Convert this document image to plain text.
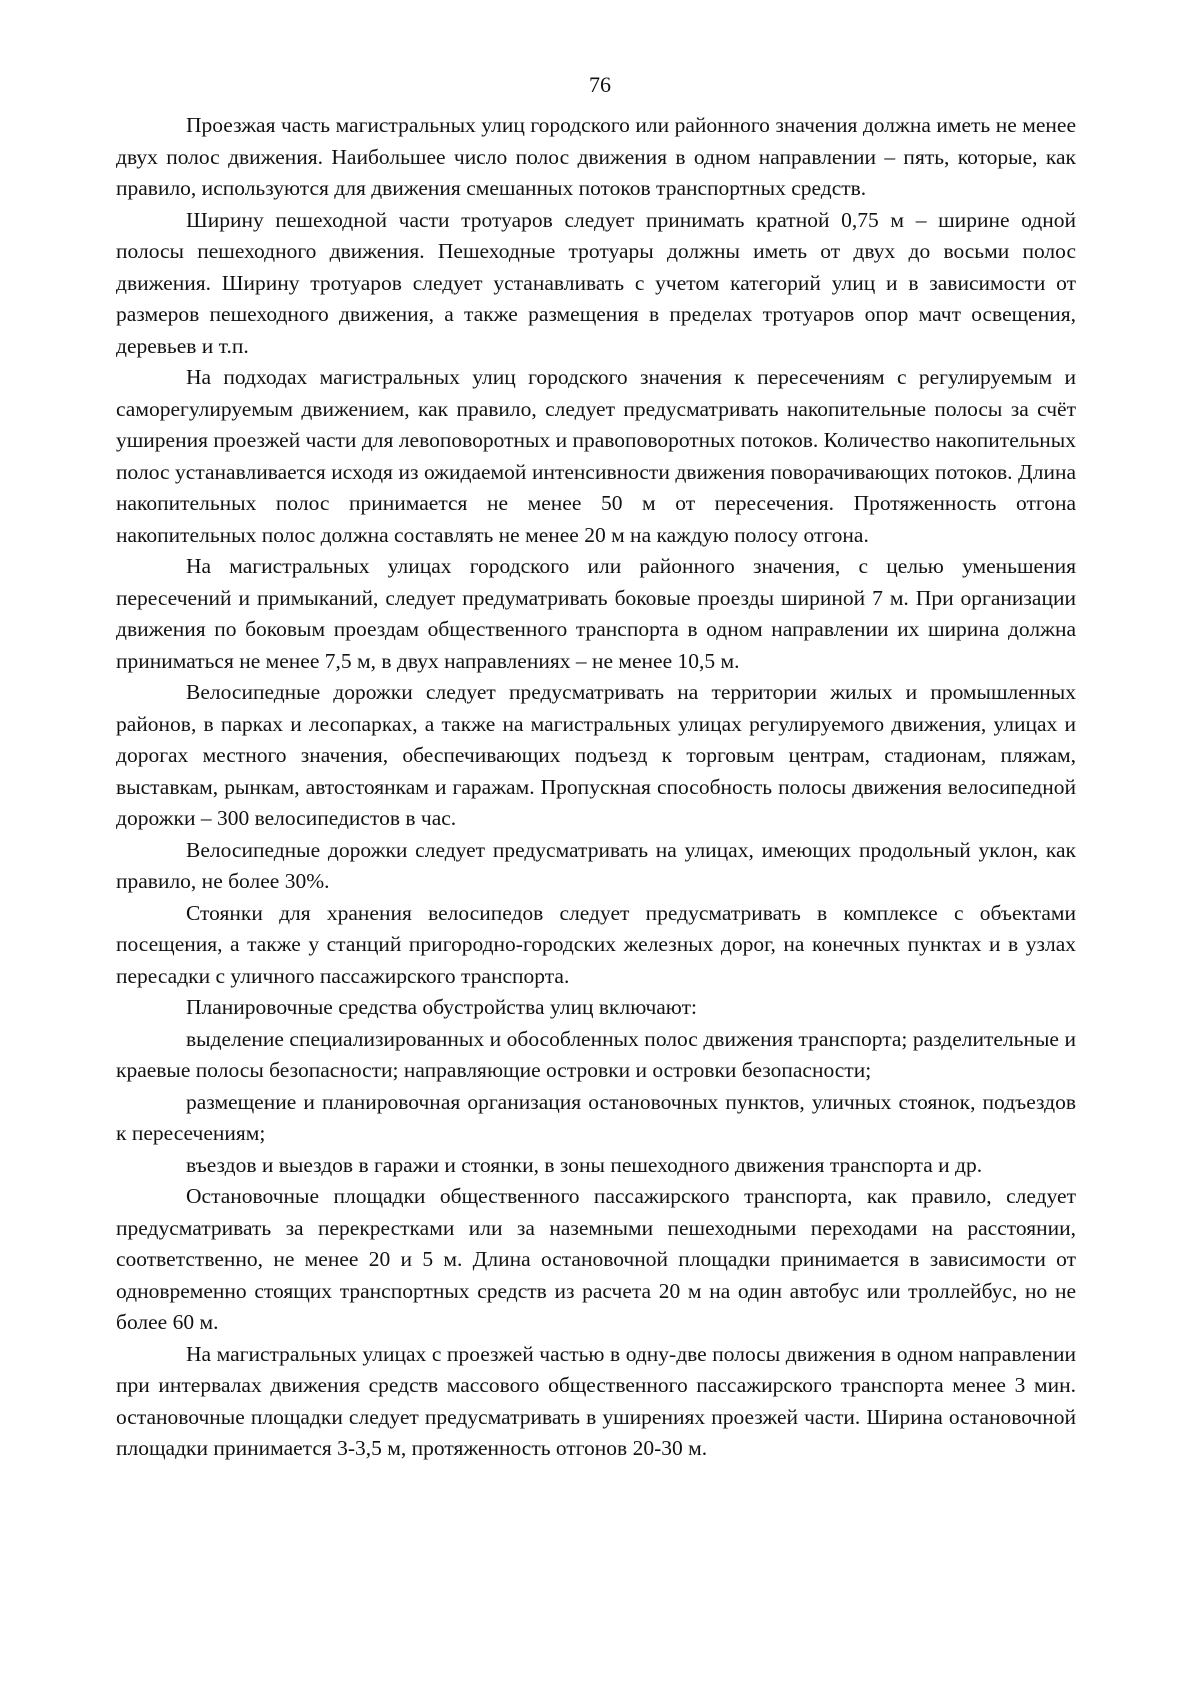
76

Проезжая часть магистральных улиц городского или районного значения должна иметь не менее двух полос движения. Наибольшее число полос движения в одном направлении – пять, которые, как правило, используются для движения смешанных потоков транспортных средств.

Ширину пешеходной части тротуаров следует принимать кратной 0,75 м – ширине одной полосы пешеходного движения. Пешеходные тротуары должны иметь от двух до восьми полос движения. Ширину тротуаров следует устанавливать с учетом категорий улиц и в зависимости от размеров пешеходного движения, а также размещения в пределах тротуаров опор мачт освещения, деревьев и т.п.

На подходах магистральных улиц городского значения к пересечениям с регулируемым и саморегулируемым движением, как правило, следует предусматривать накопительные полосы за счёт уширения проезжей части для левоповоротных и правоповоротных потоков. Количество накопительных полос устанавливается исходя из ожидаемой интенсивности движения поворачивающих потоков. Длина накопительных полос принимается не менее 50 м от пересечения. Протяженность отгона накопительных полос должна составлять не менее 20 м на каждую полосу отгона.

На магистральных улицах городского или районного значения, с целью уменьшения пересечений и примыканий, следует предуматривать боковые проезды шириной 7 м. При организации движения по боковым проездам общественного транспорта в одном направлении их ширина должна приниматься не менее 7,5 м, в двух направлениях – не менее 10,5 м.

Велосипедные дорожки следует предусматривать на территории жилых и промышленных районов, в парках и лесопарках, а также на магистральных улицах регулируемого движения, улицах и дорогах местного значения, обеспечивающих подъезд к торговым центрам, стадионам, пляжам, выставкам, рынкам, автостоянкам и гаражам. Пропускная способность полосы движения велосипедной дорожки – 300 велосипедистов в час.

Велосипедные дорожки следует предусматривать на улицах, имеющих продольный уклон, как правило, не более 30%.

Стоянки для хранения велосипедов следует предусматривать в комплексе с объектами посещения, а также у станций пригородно-городских железных дорог, на конечных пунктах и в узлах пересадки с уличного пассажирского транспорта.

Планировочные средства обустройства улиц включают:

выделение специализированных и обособленных полос движения транспорта; разделительные и краевые полосы безопасности; направляющие островки и островки безопасности;

размещение и планировочная организация остановочных пунктов, уличных стоянок, подъездов к пересечениям;

въездов и выездов в гаражи и стоянки, в зоны пешеходного движения транспорта и др.

Остановочные площадки общественного пассажирского транспорта, как правило, следует предусматривать за перекрестками или за наземными пешеходными переходами на расстоянии, соответственно, не менее 20 и 5 м. Длина остановочной площадки принимается в зависимости от одновременно стоящих транспортных средств из расчета 20 м на один автобус или троллейбус, но не более 60 м.

На магистральных улицах с проезжей частью в одну-две полосы движения в одном направлении при интервалах движения средств массового общественного пассажирского транспорта менее 3 мин. остановочные площадки следует предусматривать в уширениях проезжей части. Ширина остановочной площадки принимается 3-3,5 м, протяженность отгонов 20-30 м.
